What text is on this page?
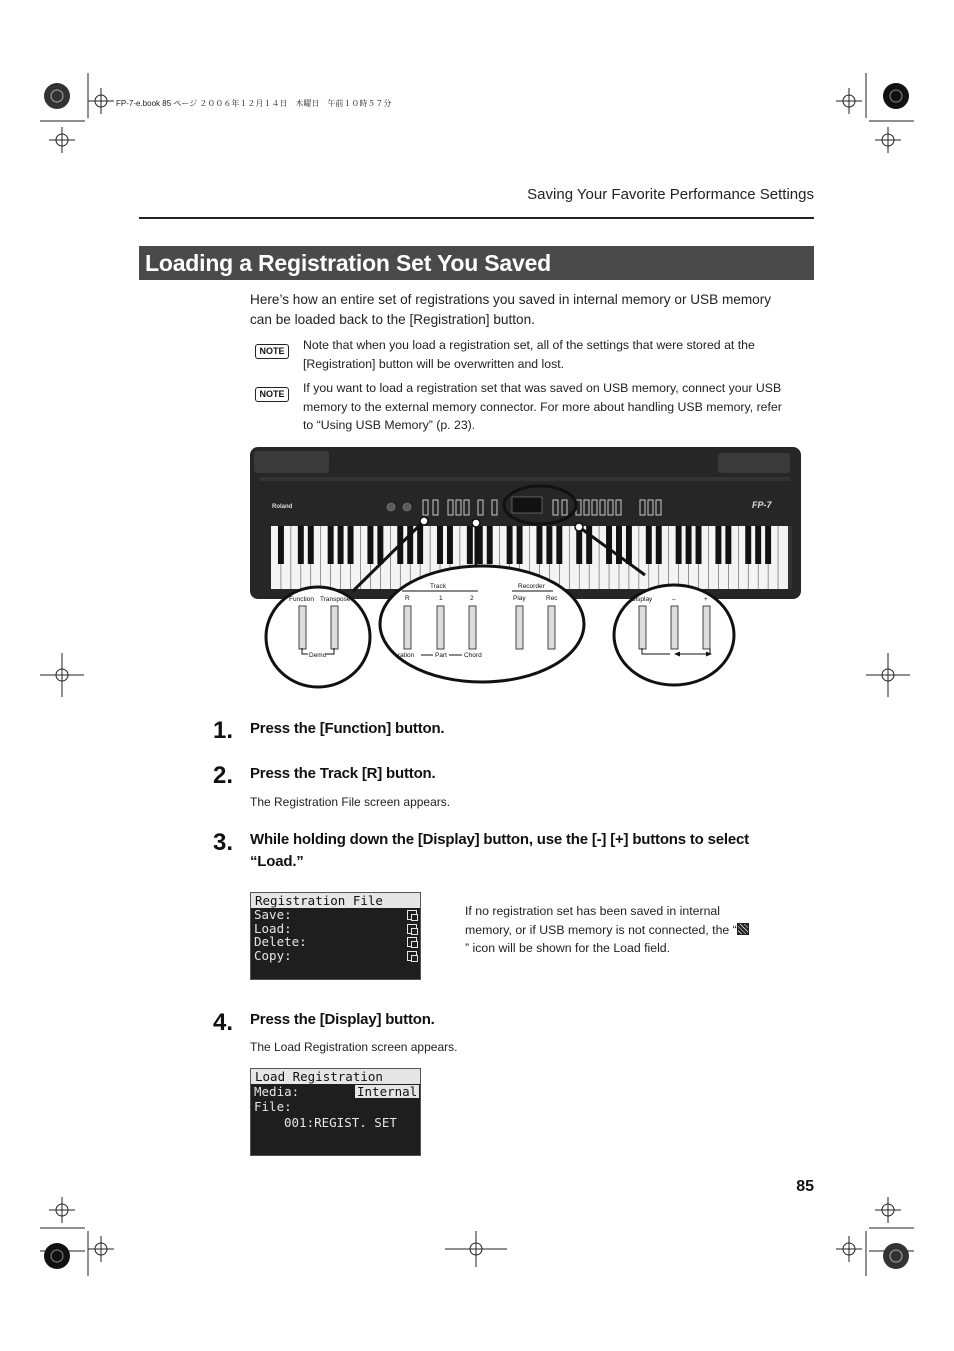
FP-7-e.book 85 ページ ２００６年１２月１４日　木曜日　午前１０時５７分
Saving Your Favorite Performance Settings
Loading a Registration Set You Saved
Here’s how an entire set of registrations you saved in internal memory or USB memory can be loaded back to the [Registration] button.
NOTE	Note that when you load a registration set, all of the settings that were stored at the [Registration] button will be overwritten and lost.
NOTE	If you want to load a registration set that was saved on USB memory, connect your USB memory to the external memory connector. For more about handling USB memory, refer to “Using USB Memory” (p. 23).
Roland	FP-7
Function Transpose
Demo
Track	Recorder
R	1	2	Play	Rec
ration	Part	Chord
Display	–	+
1. Press the [Function] button.
2. Press the Track [R] button.
The Registration File screen appears.
3. While holding down the [Display] button, use the [-] [+] buttons to select “Load.”
Registration File
Save:
Load:
Delete:
Copy:
If no registration set has been saved in internal memory, or if USB memory is not connected, the “” icon will be shown for the Load field.
4. Press the [Display] button.
The Load Registration screen appears.
Load Registration
Media:	Internal
File:
001:REGIST. SET
85
